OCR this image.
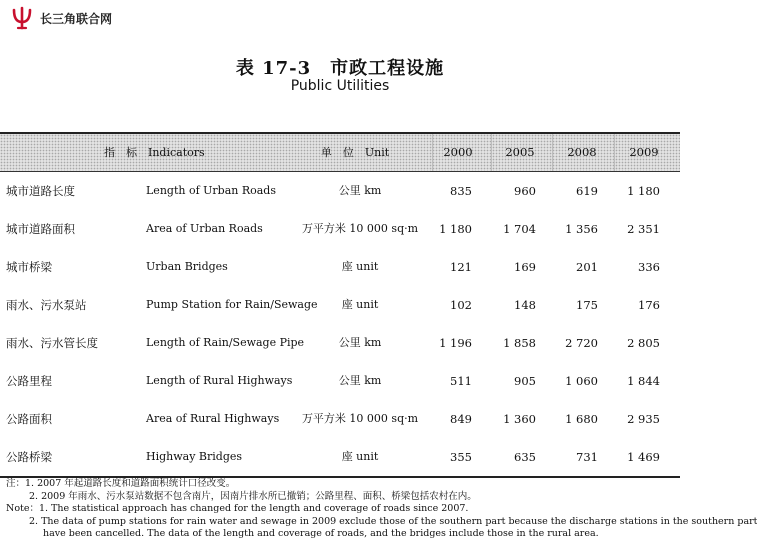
长三角联合网
表 17-3　市政工程设施
Public Utilities
指　标　Indicators	单　位　Unit	2000	2005	2008	2009
城市道路长度	Length of Urban Roads	公里 km	835	960	619	1 180
城市道路面积	Area of Urban Roads	万平方米 10 000 sq·m	1 180	1 704	1 356	2 351
城市桥梁	Urban Bridges	座 unit	121	169	201	336
雨水、污水泵站	Pump Station for Rain/Sewage	座 unit	102	148	175	176
雨水、污水管长度	Length of Rain/Sewage Pipe	公里 km	1 196	1 858	2 720	2 805
公路里程	Length of Rural Highways	公里 km	511	905	1 060	1 844
公路面积	Area of Rural Highways	万平方米 10 000 sq·m	849	1 360	1 680	2 935
公路桥梁	Highway Bridges	座 unit	355	635	731	1 469
注：1. 2007 年起道路长度和道路面积统计口径改变。
2. 2009 年雨水、污水泵站数据不包含南片，因南片排水所已撤销；公路里程、面积、桥梁包括农村在内。
Note：1. The statistical approach has changed for the length and coverage of roads since 2007.
2. The data of pump stations for rain water and sewage in 2009 exclude those of the southern part because the discharge stations in the southern part
have been cancelled. The data of the length and coverage of roads, and the bridges include those in the rural area.
